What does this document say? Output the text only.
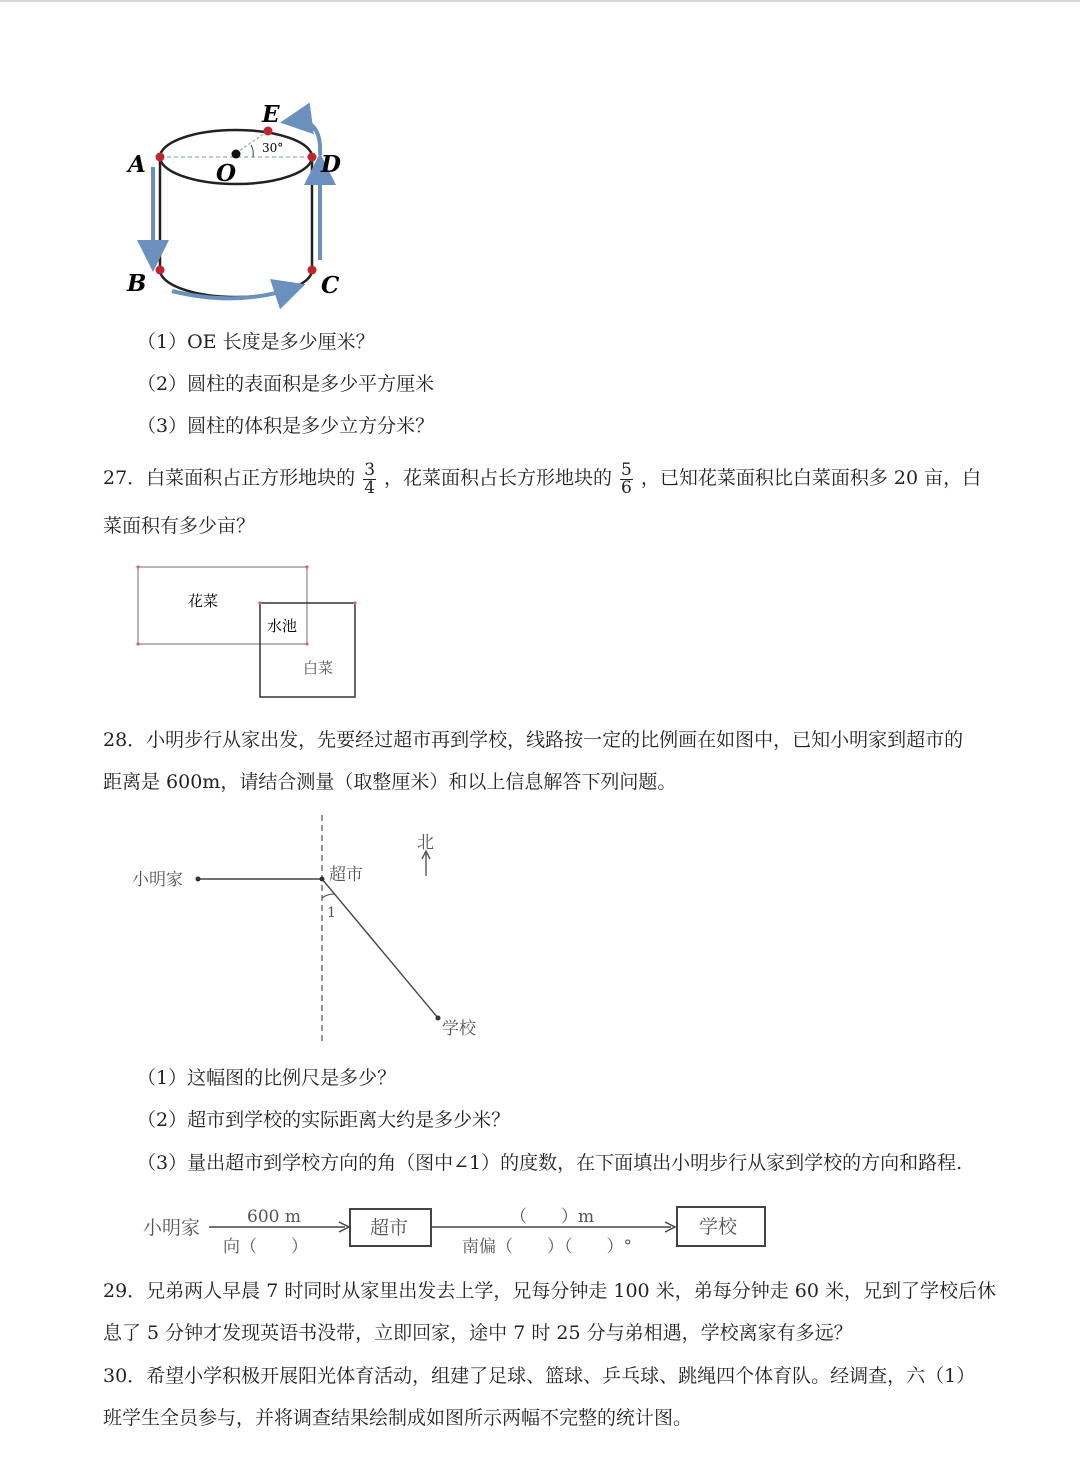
A
B	C
D
E
O
30°
（1）OE 长度是多少厘米？
（2）圆柱的表面积是多少平方厘米
（3）圆柱的体积是多少立方分米？
27．白菜面积占正方形地块的 $\frac{3}{4}$ ，花菜面积占长方形地块的 $\frac{5}{6}$ ，已知花菜面积比白菜面积多 20 亩，白
菜面积有多少亩？
花菜
水池
白菜
28．小明步行从家出发，先要经过超市再到学校，线路按一定的比例画在如图中，已知小明家到超市的
距离是 600m，请结合测量（取整厘米）和以上信息解答下列问题。
小明家	超市
学校
1
北
（1）这幅图的比例尺是多少？
（2）超市到学校的实际距离大约是多少米？
（3）量出超市到学校方向的角（图中∠1）的度数，在下面填出小明步行从家到学校的方向和路程.
小明家	600 m
向（　　）
超市	（　　）m
南偏（　　）（　　）°
学校
29．兄弟两人早晨 7 时同时从家里出发去上学，兄每分钟走 100 米，弟每分钟走 60 米，兄到了学校后休
息了 5 分钟才发现英语书没带，立即回家，途中 7 时 25 分与弟相遇，学校离家有多远？
30．希望小学积极开展阳光体育活动，组建了足球、篮球、乒乓球、跳绳四个体育队。经调查，六（1）
班学生全员参与，并将调查结果绘制成如图所示两幅不完整的统计图。
